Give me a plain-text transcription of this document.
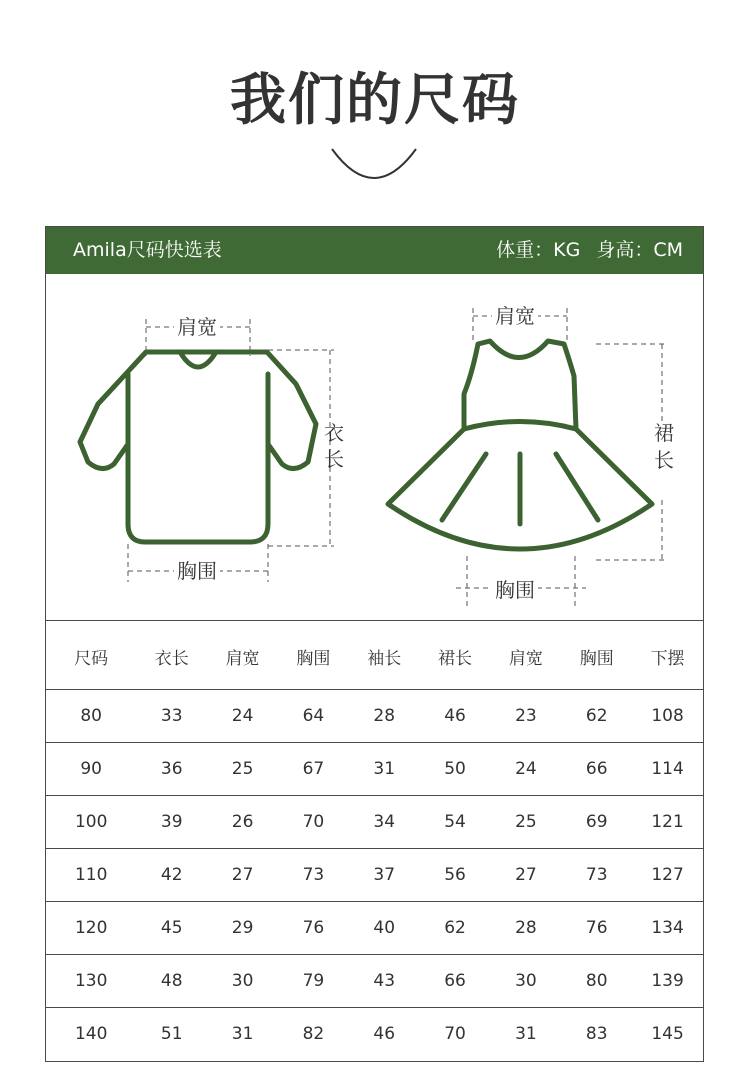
我们的尺码
Amila尺码快选表	体重：KG 身高：CM
肩宽
衣
长
胸围
肩宽
裙
长
胸围
尺码	衣长	肩宽	胸围	袖长	裙长	肩宽	胸围	下摆
80	33	24	64	28	46	23	62	108
90	36	25	67	31	50	24	66	114
100	39	26	70	34	54	25	69	121
110	42	27	73	37	56	27	73	127
120	45	29	76	40	62	28	76	134
130	48	30	79	43	66	30	80	139
140	51	31	82	46	70	31	83	145
